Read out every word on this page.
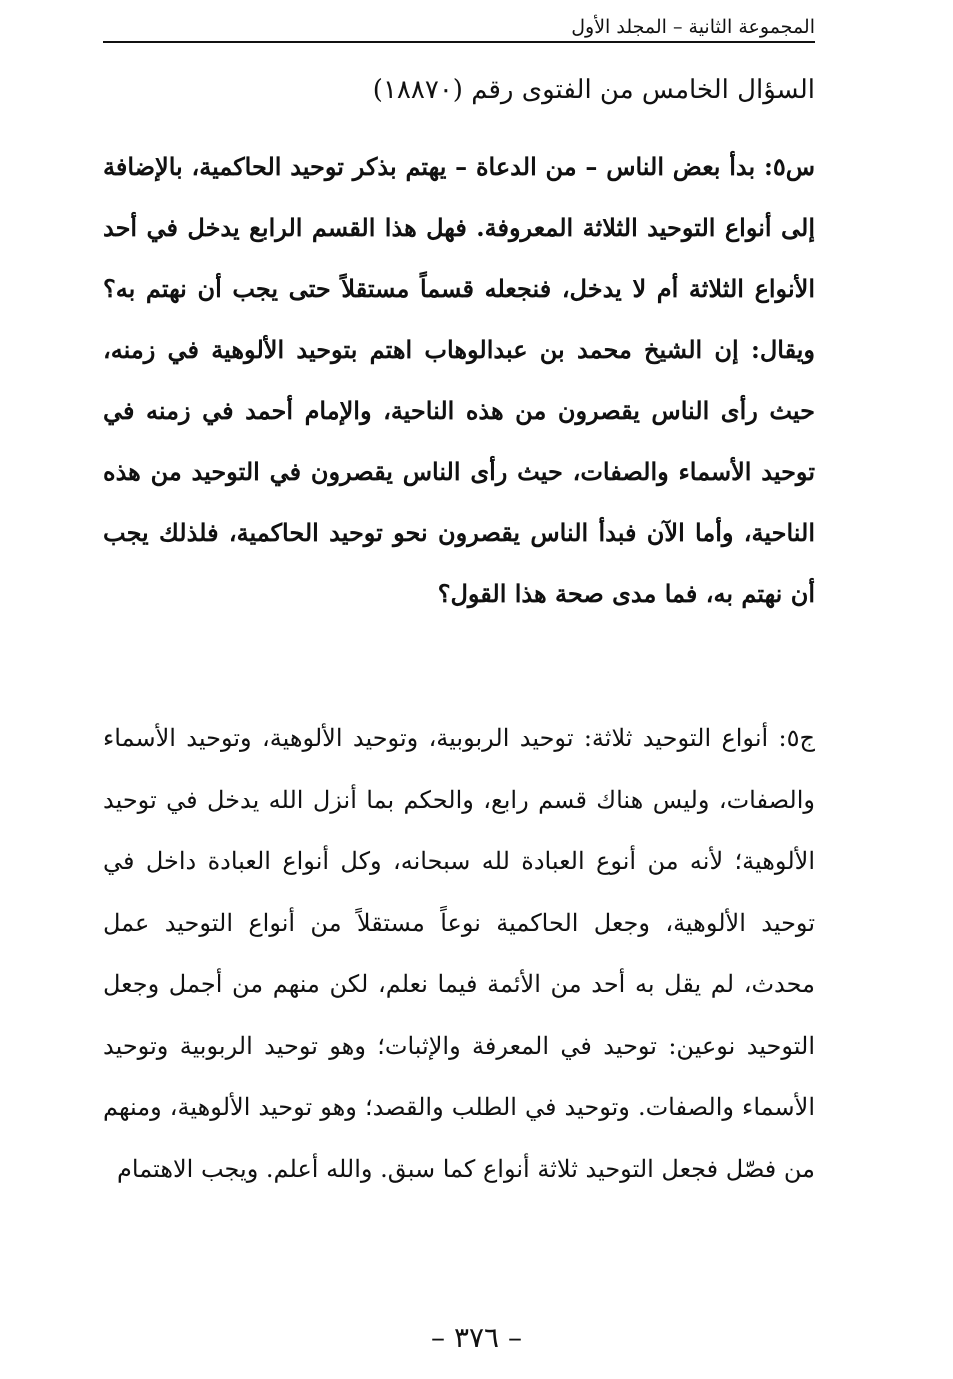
المجموعة الثانية – المجلد الأول
السؤال الخامس من الفتوى رقم (١٨٨٧٠)
س٥: بدأ بعض الناس – من الدعاة – يهتم بذكر توحيد الحاكمية، بالإضافة إلى أنواع التوحيد الثلاثة المعروفة. فهل هذا القسم الرابع يدخل في أحد الأنواع الثلاثة أم لا يدخل، فنجعله قسماً مستقلاً حتى يجب أن نهتم به؟ ويقال: إن الشيخ محمد بن عبدالوهاب اهتم بتوحيد الألوهية في زمنه، حيث رأى الناس يقصرون من هذه الناحية، والإمام أحمد في زمنه في توحيد الأسماء والصفات، حيث رأى الناس يقصرون في التوحيد من هذه الناحية، وأما الآن فبدأ الناس يقصرون نحو توحيد الحاكمية، فلذلك يجب أن نهتم به، فما مدى صحة هذا القول؟
ج٥: أنواع التوحيد ثلاثة: توحيد الربوبية، وتوحيد الألوهية، وتوحيد الأسماء والصفات، وليس هناك قسم رابع، والحكم بما أنزل الله يدخل في توحيد الألوهية؛ لأنه من أنوع العبادة لله سبحانه، وكل أنواع العبادة داخل في توحيد الألوهية، وجعل الحاكمية نوعاً مستقلاً من أنواع التوحيد عمل محدث، لم يقل به أحد من الأئمة فيما نعلم، لكن منهم من أجمل وجعل التوحيد نوعين: توحيد في المعرفة والإثبات؛ وهو توحيد الربوبية وتوحيد الأسماء والصفات. وتوحيد في الطلب والقصد؛ وهو توحيد الألوهية، ومنهم من فصّل فجعل التوحيد ثلاثة أنواع كما سبق. والله أعلم. ويجب الاهتمام
– ٣٧٦ –
